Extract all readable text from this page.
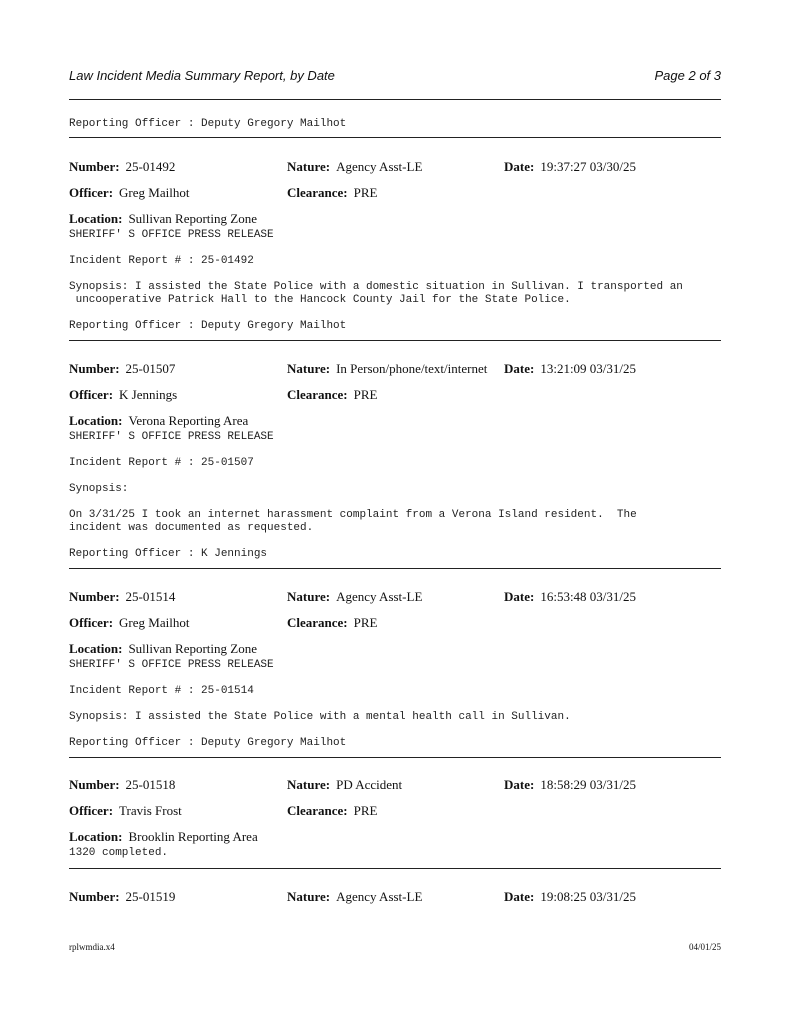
Law Incident Media Summary Report, by Date	Page 2 of 3
Reporting Officer : Deputy Gregory Mailhot
Number: 25-01492	Nature: Agency Asst-LE	Date: 19:37:27 03/30/25
Officer: Greg Mailhot	Clearance: PRE
Location: Sullivan Reporting Zone
SHERIFF' S OFFICE PRESS RELEASE
Incident Report # : 25-01492
Synopsis: I assisted the State Police with a domestic situation in Sullivan. I transported an
uncooperative Patrick Hall to the Hancock County Jail for the State Police.
Reporting Officer : Deputy Gregory Mailhot
Number: 25-01507	Nature: In Person/phone/text/internet Date: 13:21:09 03/31/25
Officer: K Jennings	Clearance: PRE
Location: Verona Reporting Area
SHERIFF' S OFFICE PRESS RELEASE
Incident Report # : 25-01507
Synopsis:
On 3/31/25 I took an internet harassment complaint from a Verona Island resident.  The
incident was documented as requested.
Reporting Officer : K Jennings
Number: 25-01514	Nature: Agency Asst-LE	Date: 16:53:48 03/31/25
Officer: Greg Mailhot	Clearance: PRE
Location: Sullivan Reporting Zone
SHERIFF' S OFFICE PRESS RELEASE
Incident Report # : 25-01514
Synopsis: I assisted the State Police with a mental health call in Sullivan.
Reporting Officer : Deputy Gregory Mailhot
Number: 25-01518	Nature: PD Accident	Date: 18:58:29 03/31/25
Officer: Travis Frost	Clearance: PRE
Location: Brooklin Reporting Area
1320 completed.
Number: 25-01519	Nature: Agency Asst-LE	Date: 19:08:25 03/31/25
rplwmdia.x4	04/01/25
